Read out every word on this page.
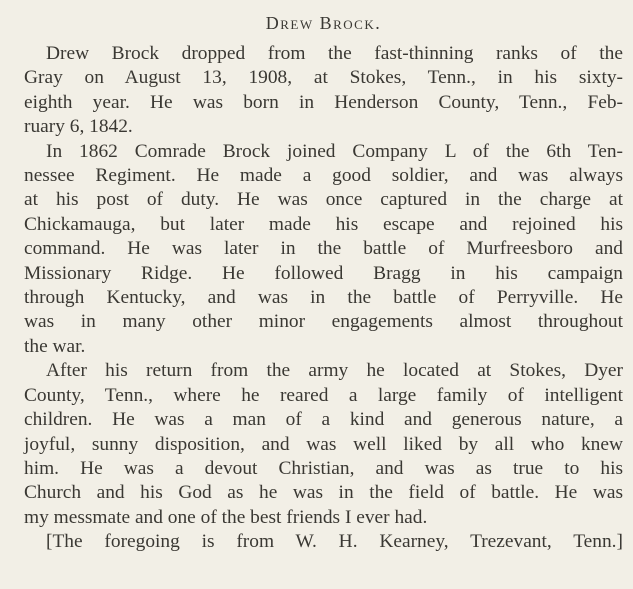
Drew Brock.
Drew Brock dropped from the fast-thinning ranks of the
Gray on August 13, 1908, at Stokes, Tenn., in his sixty-
eighth year. He was born in Henderson County, Tenn., Feb-
ruary 6, 1842.
In 1862 Comrade Brock joined Company L of the 6th Ten-
nessee Regiment. He made a good soldier, and was always
at his post of duty. He was once captured in the charge at
Chickamauga, but later made his escape and rejoined his
command. He was later in the battle of Murfreesboro and
Missionary Ridge. He followed Bragg in his campaign
through Kentucky, and was in the battle of Perryville. He
was in many other minor engagements almost throughout
the war.
After his return from the army he located at Stokes, Dyer
County, Tenn., where he reared a large family of intelligent
children. He was a man of a kind and generous nature, a
joyful, sunny disposition, and was well liked by all who knew
him. He was a devout Christian, and was as true to his
Church and his God as he was in the field of battle. He was
my messmate and one of the best friends I ever had.
[The foregoing is from W. H. Kearney, Trezevant, Tenn.]
